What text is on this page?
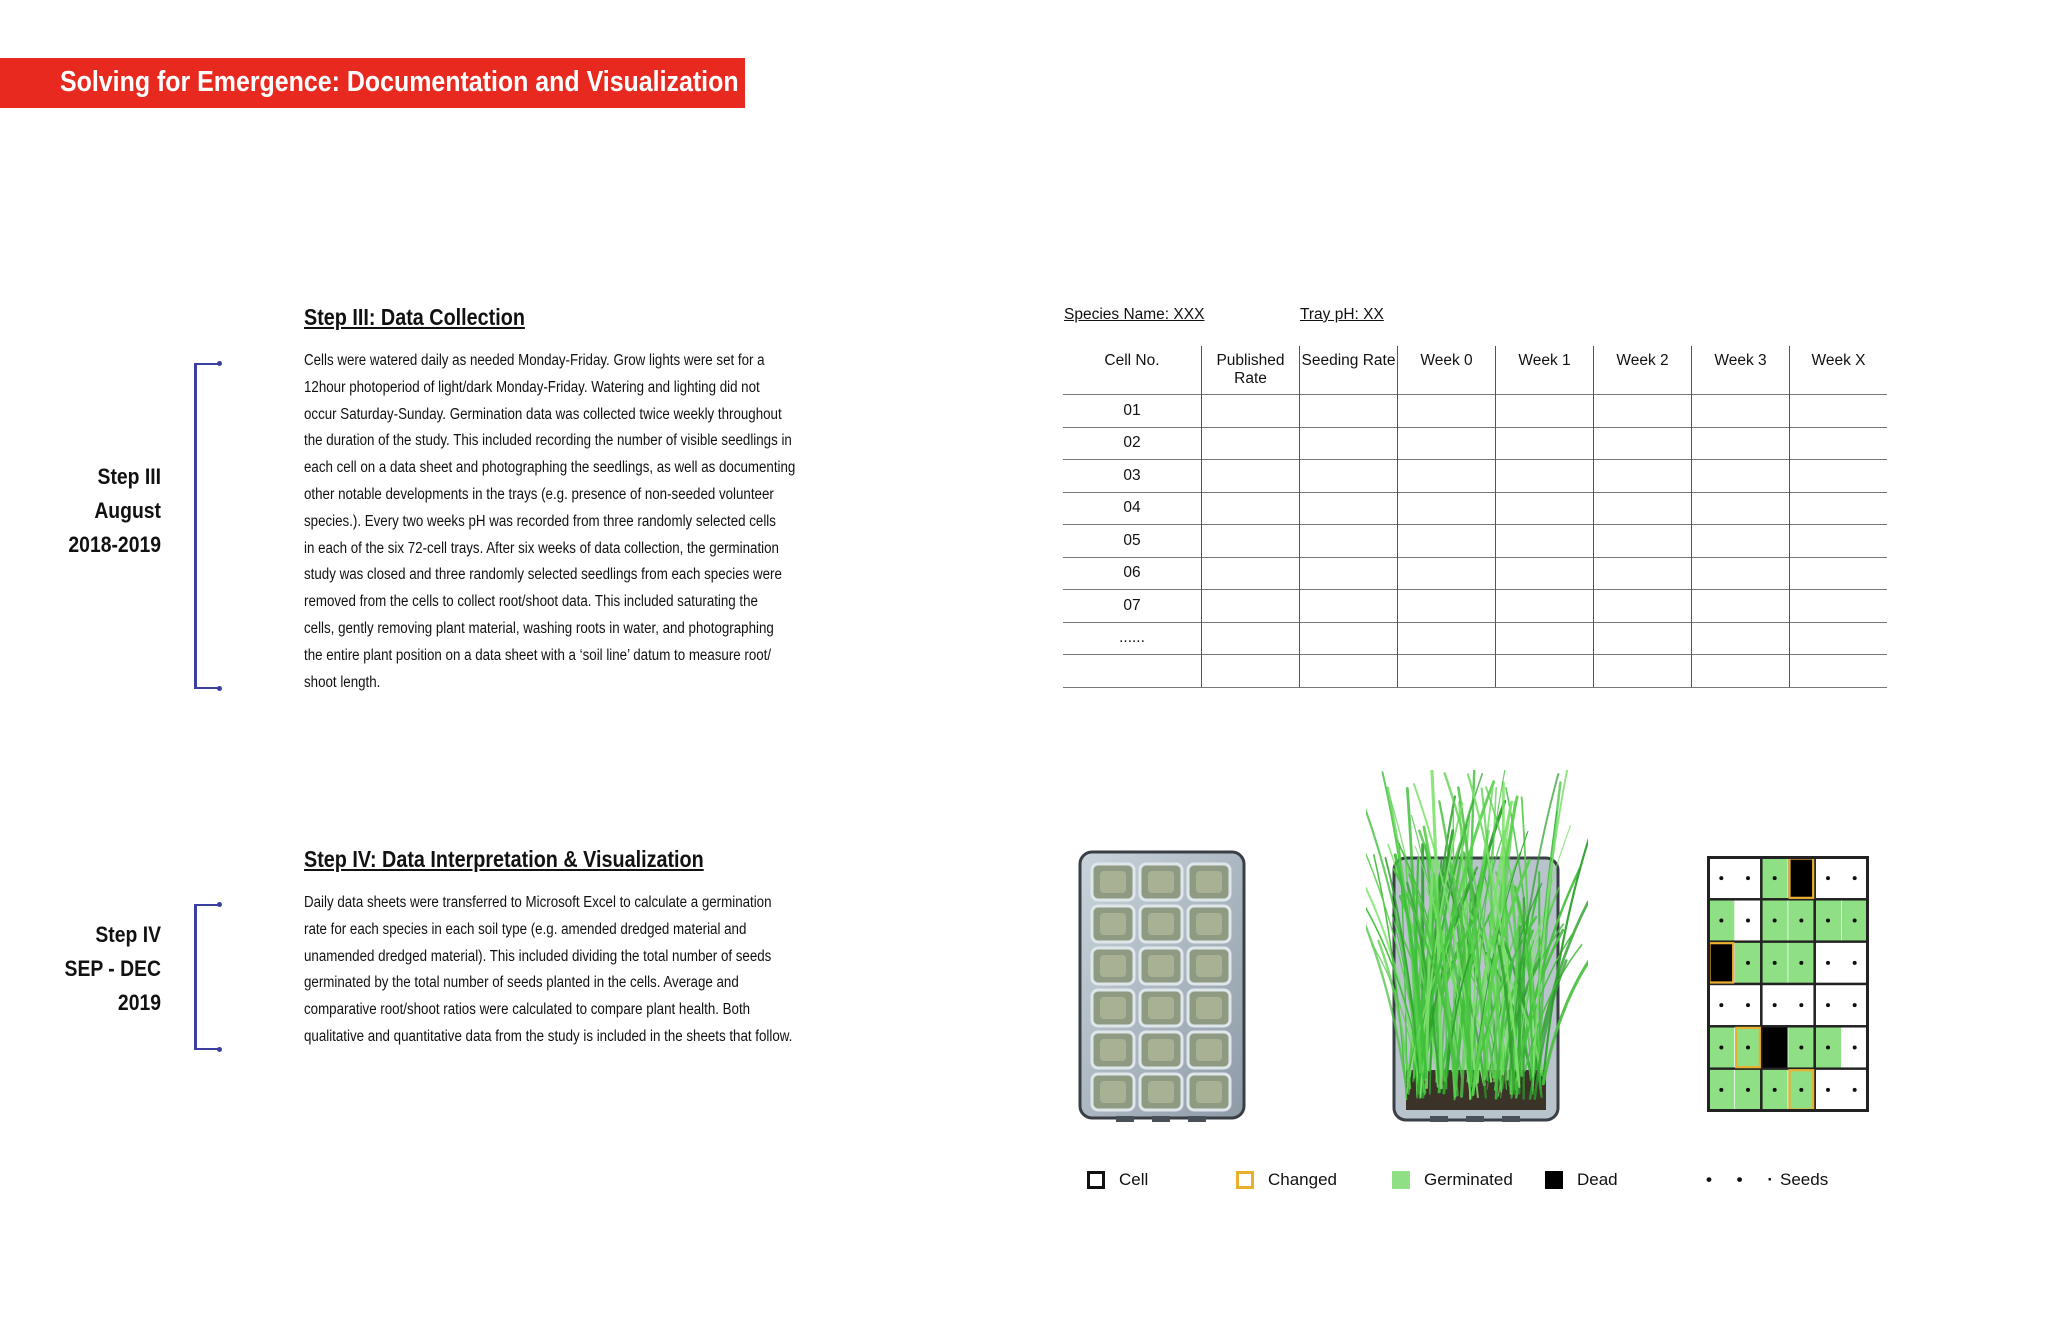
Solving for Emergence: Documentation and Visualization
Step III
August
2018-2019
Step III: Data Collection
Cells were watered daily as needed Monday-Friday. Grow lights were set for a
12hour photoperiod of light/dark Monday-Friday. Watering and lighting did not
occur Saturday-Sunday. Germination data was collected twice weekly throughout
the duration of the study. This included recording the number of visible seedlings in
each cell on a data sheet and photographing the seedlings, as well as documenting
other notable developments in the trays (e.g. presence of non-seeded volunteer
species.). Every two weeks pH was recorded from three randomly selected cells
in each of the six 72-cell trays. After six weeks of data collection, the germination
study was closed and three randomly selected seedlings from each species were
removed from the cells to collect root/shoot data. This included saturating the
cells, gently removing plant material, washing roots in water, and photographing
the entire plant position on a data sheet with a ‘soil line’ datum to measure root/
shoot length.
Step IV
SEP - DEC
2019
Step IV: Data Interpretation & Visualization
Daily data sheets were transferred to Microsoft Excel to calculate a germination
rate for each species in each soil type (e.g. amended dredged material and
unamended dredged material). This included dividing the total number of seeds
germinated by the total number of seeds planted in the cells. Average and
comparative root/shoot ratios were calculated to compare plant health. Both
qualitative and quantitative data from the study is included in the sheets that follow.
Species Name: XXX	Tray pH: XX
Cell No.	Published Rate	Seeding Rate	Week 0	Week 1	Week 2	Week 3	Week X
01							
02							
03							
04							
05							
06							
07							
......							

Cell	Changed	Germinated	Dead	• • ·
Seeds
